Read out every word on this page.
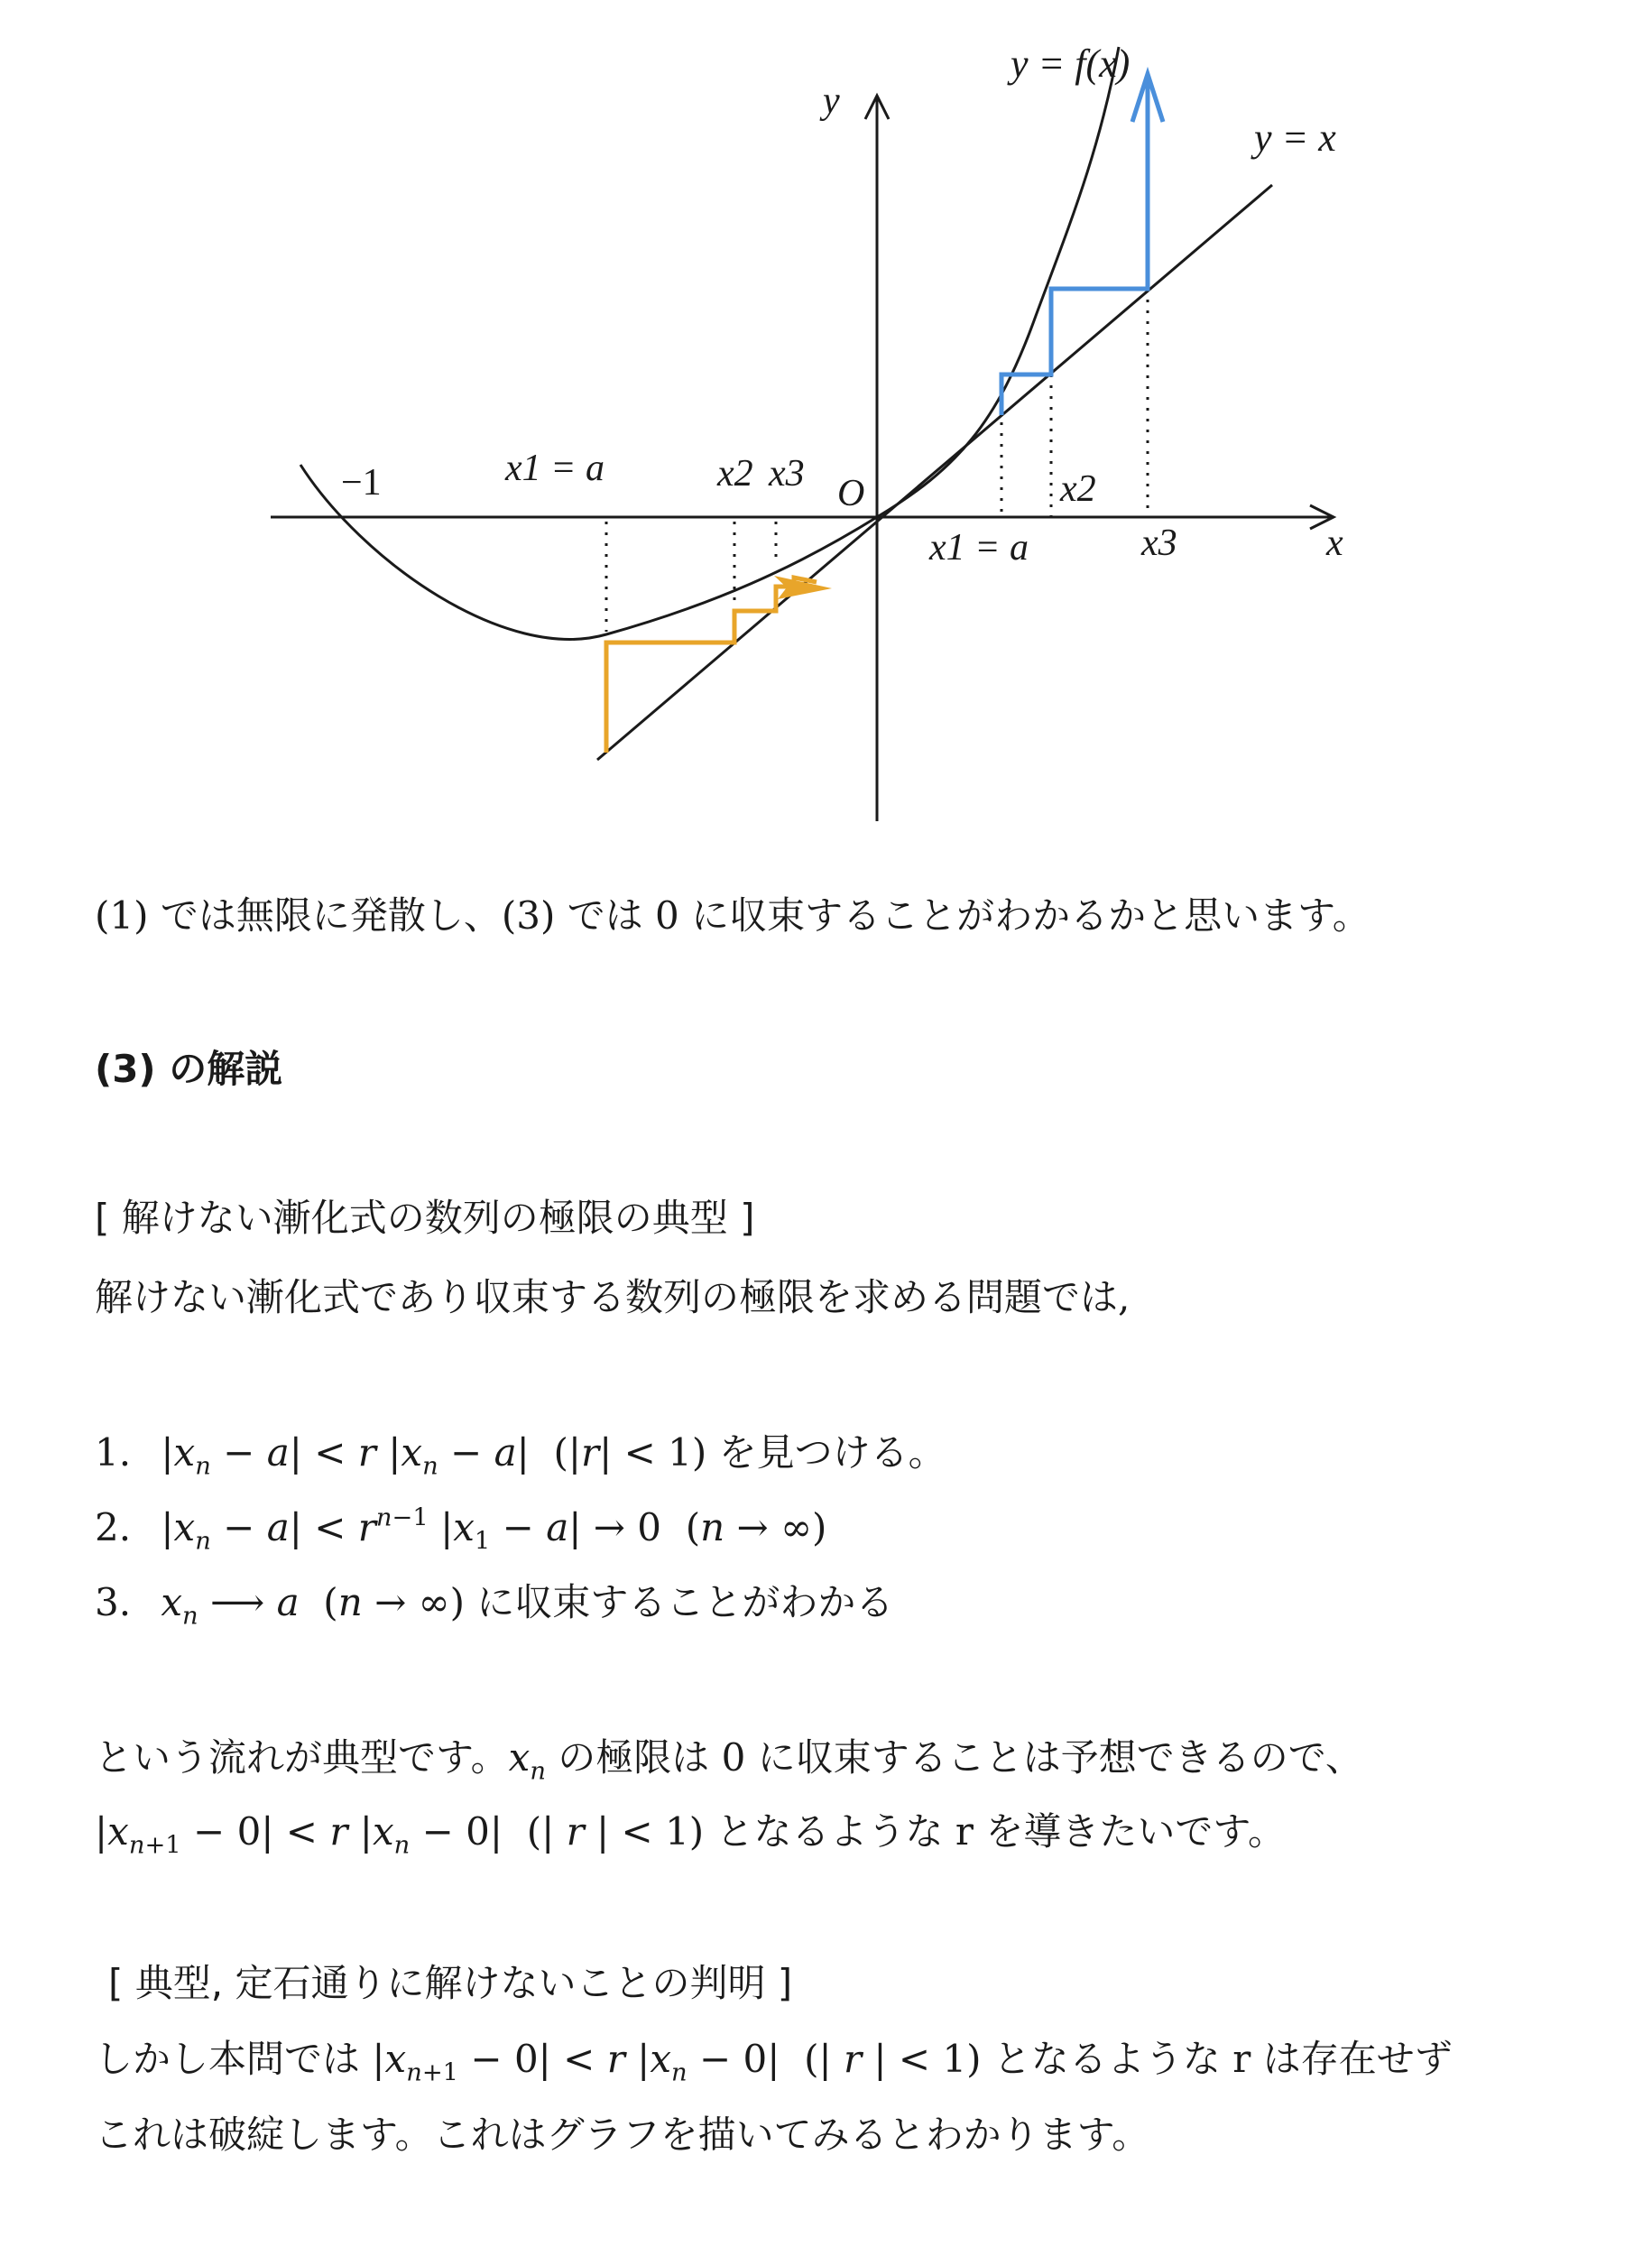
y
x
y = f(x)
y = x
O
−1	x1 = a	x2 x3
x1 = a
x2
x3
(1) では無限に発散し、(3) では 0 に収束することがわかるかと思います。
(3) の解説
[ 解けない漸化式の数列の極限の典型 ]
解けない漸化式であり収束する数列の極限を求める問題では,
1. $|x_n - a| < r$ $|x_n - a|$  (|r| < 1) を見つける。
2. $|x_n - a| < r^{n-1}$ $|x_1 - a| \to 0$  (n → ∞)
3. $x_n$ ⟶ a  (n → ∞) に収束することがわかる
という流れが典型です。$x_n$ の極限は 0 に収束することは予想できるので、
$|x_{n+1} - 0| < r$ $|x_n - 0|$  (| r | < 1) となるような r を導きたいです。
[ 典型, 定石通りに解けないことの判明 ]
しかし本問では $|x_{n+1} - 0| < r$ $|x_n - 0|$  (| r | < 1) となるような r は存在せず
これは破綻します。これはグラフを描いてみるとわかります。
